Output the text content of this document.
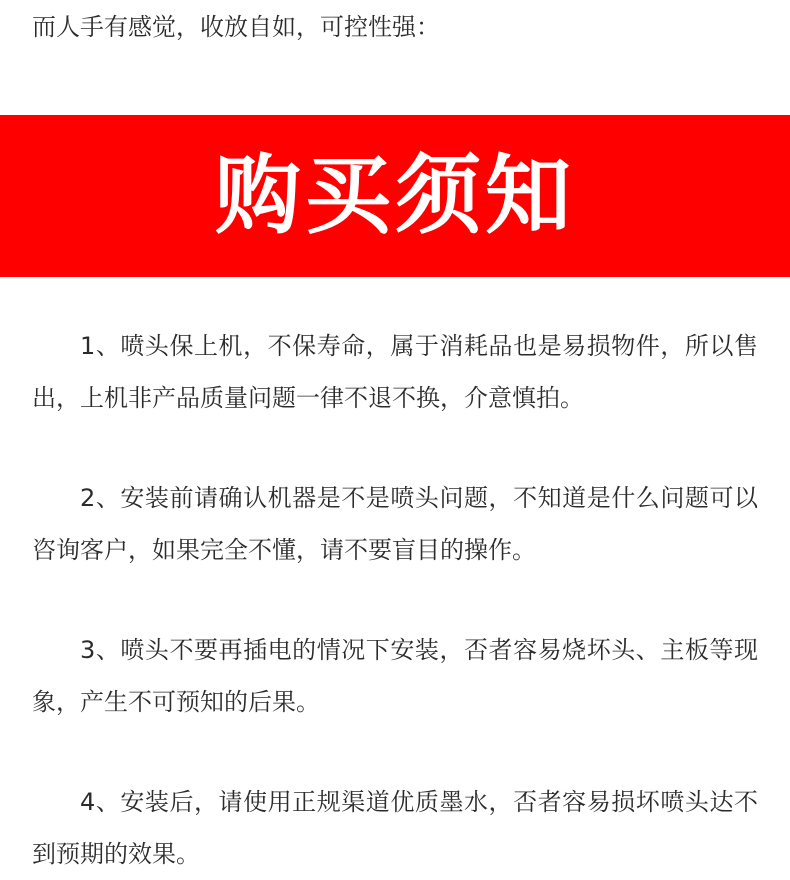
而人手有感觉，收放自如，可控性强：

购买须知
1、喷头保上机，不保寿命，属于消耗品也是易损物件，所以售出，上机非产品质量问题一律不退不换，介意慎拍。
2、安装前请确认机器是不是喷头问题，不知道是什么问题可以咨询客户，如果完全不懂，请不要盲目的操作。
3、喷头不要再插电的情况下安装，否者容易烧坏头、主板等现象，产生不可预知的后果。
4、安装后，请使用正规渠道优质墨水，否者容易损坏喷头达不到预期的效果。
